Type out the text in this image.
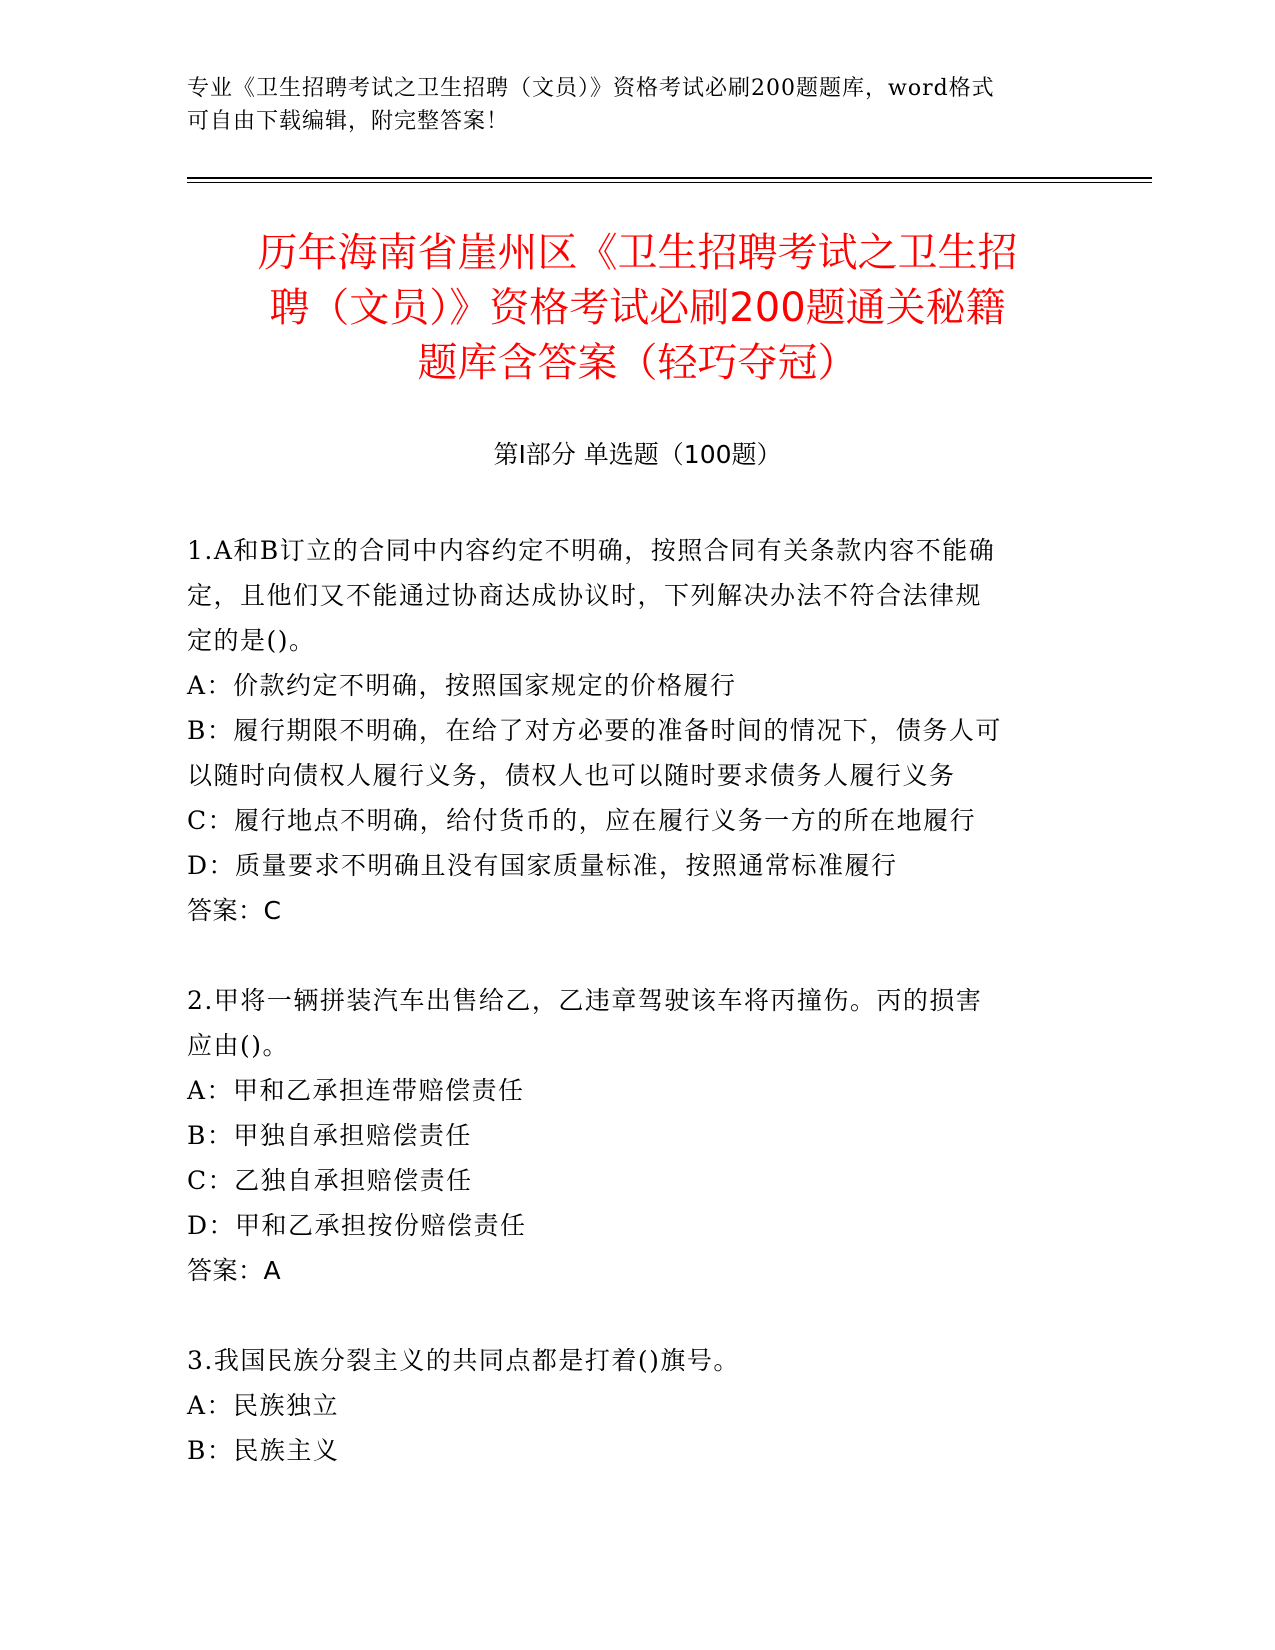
专业《卫生招聘考试之卫生招聘（文员）》资格考试必刷200题题库，word格式
可自由下载编辑，附完整答案！
历年海南省崖州区《卫生招聘考试之卫生招
聘（文员）》资格考试必刷200题通关秘籍
题库含答案（轻巧夺冠）
第Ⅰ部分 单选题（100题）
1.A和B订立的合同中内容约定不明确，按照合同有关条款内容不能确
定，且他们又不能通过协商达成协议时，下列解决办法不符合法律规
定的是()。
A：价款约定不明确，按照国家规定的价格履行
B：履行期限不明确，在给了对方必要的准备时间的情况下，债务人可
以随时向债权人履行义务，债权人也可以随时要求债务人履行义务
C：履行地点不明确，给付货币的，应在履行义务一方的所在地履行
D：质量要求不明确且没有国家质量标准，按照通常标准履行
答案：C
2.甲将一辆拼装汽车出售给乙，乙违章驾驶该车将丙撞伤。丙的损害
应由()。
A：甲和乙承担连带赔偿责任
B：甲独自承担赔偿责任
C：乙独自承担赔偿责任
D：甲和乙承担按份赔偿责任
答案：A
3.我国民族分裂主义的共同点都是打着()旗号。
A：民族独立
B：民族主义
